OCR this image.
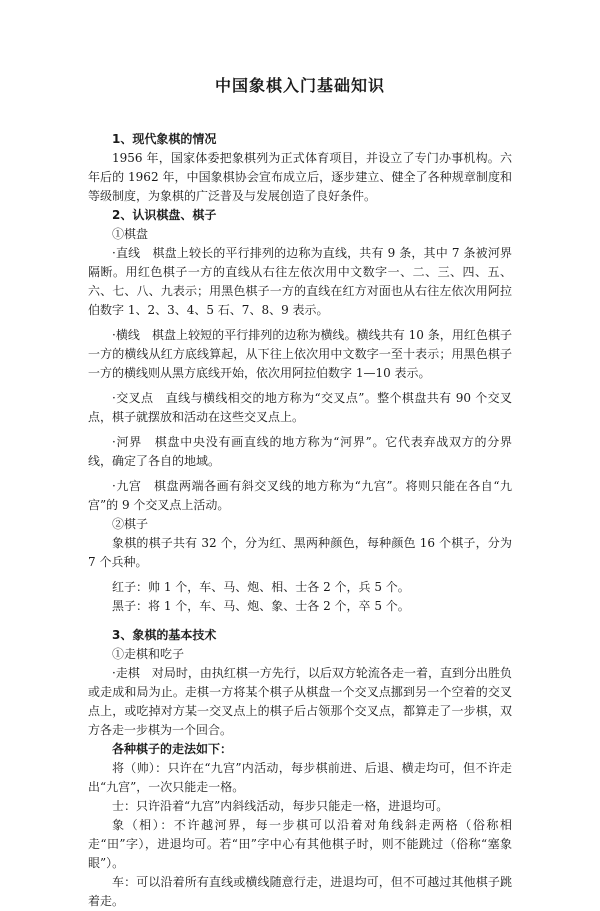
中国象棋入门基础知识

1、现代象棋的情况

1956 年，国家体委把象棋列为正式体育项目，并设立了专门办事机构。六年后的 1962 年，中国象棋协会宣布成立后，逐步建立、健全了各种规章制度和等级制度，为象棋的广泛普及与发展创造了良好条件。

2、认识棋盘、棋子

①棋盘

·直线　棋盘上较长的平行排列的边称为直线，共有 9 条，其中 7 条被河界隔断。用红色棋子一方的直线从右往左依次用中文数字一、二、三、四、五、六、七、八、九表示；用黑色棋子一方的直线在红方对面也从右往左依次用阿拉伯数字 1、2、3、4、5 石、7、8、9 表示。

·横线　棋盘上较短的平行排列的边称为横线。横线共有 10 条，用红色棋子一方的横线从红方底线算起，从下往上依次用中文数字一至十表示；用黑色棋子一方的横线则从黑方底线开始，依次用阿拉伯数字 1—10 表示。

·交叉点　直线与横线相交的地方称为“交叉点”。整个棋盘共有 90 个交叉点，棋子就摆放和活动在这些交叉点上。

·河界　棋盘中央没有画直线的地方称为“河界”。它代表弃战双方的分界线，确定了各自的地域。

·九宫　棋盘两端各画有斜交叉线的地方称为“九宫”。将则只能在各自“九宫”的 9 个交叉点上活动。

②棋子

象棋的棋子共有 32 个，分为红、黑两种颜色，每种颜色 16 个棋子，分为 7 个兵种。

红子：帅 1 个，车、马、炮、相、士各 2 个，兵 5 个。

黑子：将 1 个，车、马、炮、象、士各 2 个，卒 5 个。

3、象棋的基本技术

①走棋和吃子

·走棋　对局时，由执红棋一方先行，以后双方轮流各走一着，直到分出胜负或走成和局为止。走棋一方将某个棋子从棋盘一个交叉点挪到另一个空着的交叉点上，或吃掉对方某一交叉点上的棋子后占领那个交叉点，都算走了一步棋，双方各走一步棋为一个回合。

各种棋子的走法如下：

将（帅）：只许在“九宫”内活动，每步棋前进、后退、横走均可，但不许走出“九宫”，一次只能走一格。

士：只许沿着“九宫”内斜线活动，每步只能走一格，进退均可。

象（相）：不许越河界，每一步棋可以沿着对角线斜走两格（俗称相走“田”字），进退均可。若“田”字中心有其他棋子时，则不能跳过（俗称“塞象眼”）。

车：可以沿着所有直线或横线随意行走，进退均可，但不可越过其他棋子跳着走。
